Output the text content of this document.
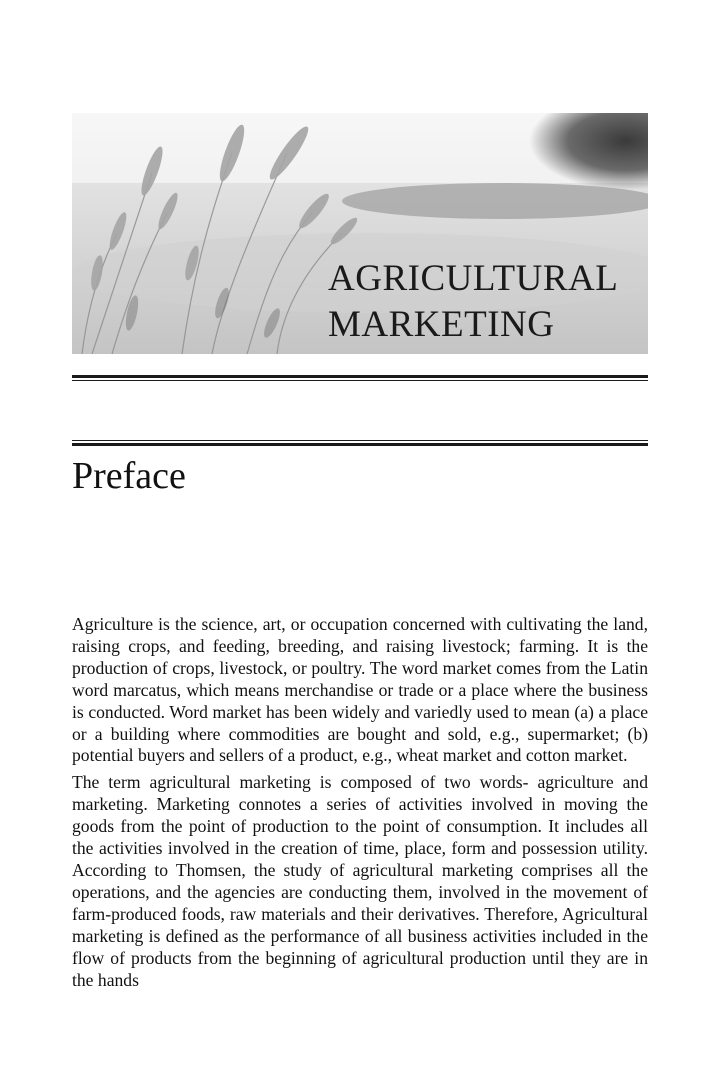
AGRICULTURAL
MARKETING
Preface

Agriculture is the science, art, or occupation concerned with cultivating the land, raising crops, and feeding, breeding, and raising livestock; farming. It is the production of crops, livestock, or poultry. The word market comes from the Latin word marcatus, which means merchandise or trade or a place where the business is conducted. Word market has been widely and variedly used to mean (a) a place or a building where commodities are bought and sold, e.g., supermarket; (b) potential buyers and sellers of a product, e.g., wheat market and cotton market.

The term agricultural marketing is composed of two words- agriculture and marketing. Marketing connotes a series of activities involved in moving the goods from the point of production to the point of consumption. It includes all the activities involved in the creation of time, place, form and possession utility. According to Thomsen, the study of agricultural marketing comprises all the operations, and the agencies are conducting them, involved in the movement of farm-produced foods, raw materials and their derivatives. Therefore, Agricultural marketing is defined as the performance of all business activities included in the flow of products from the beginning of agricultural production until they are in the hands
